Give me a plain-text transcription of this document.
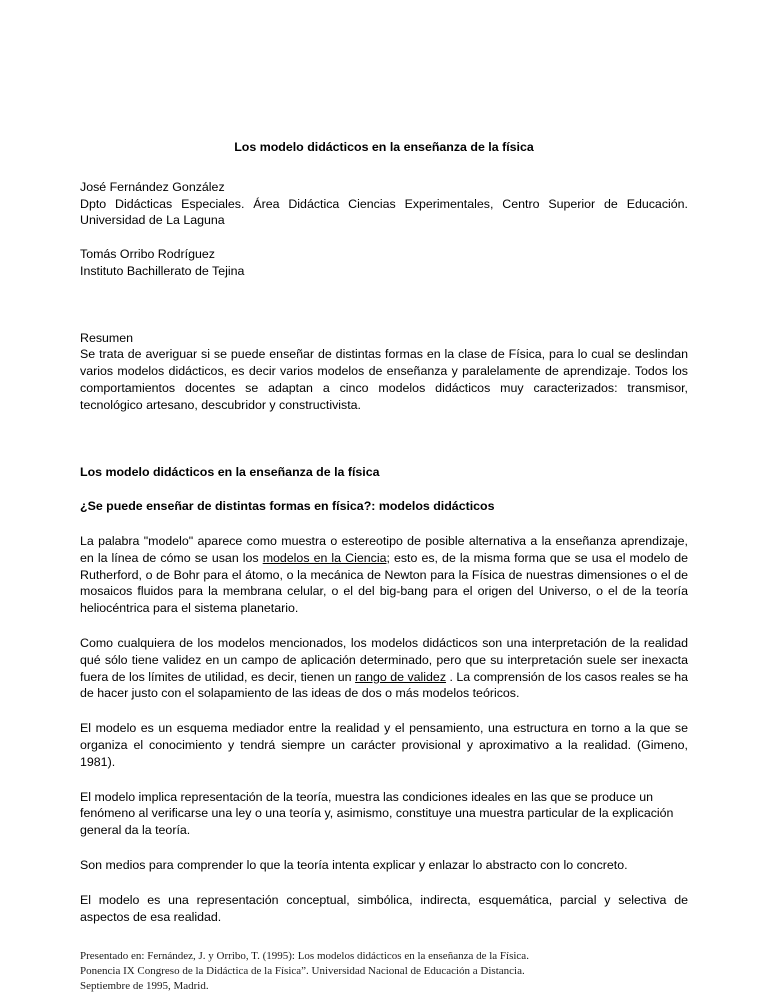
Los modelo didácticos en la enseñanza de la física
José Fernández González
Dpto Didácticas Especiales. Área Didáctica Ciencias Experimentales, Centro Superior de Educación. Universidad de La Laguna
Tomás Orribo Rodríguez
Instituto Bachillerato de Tejina
Resumen
Se trata de averiguar si se puede enseñar de distintas formas en la clase de Física, para lo cual se deslindan varios modelos didácticos, es decir varios modelos de enseñanza y paralelamente de aprendizaje. Todos los comportamientos docentes se adaptan a cinco modelos didácticos muy caracterizados: transmisor, tecnológico artesano, descubridor y constructivista.
Los modelo didácticos en la enseñanza de la física
¿Se puede enseñar de distintas formas en física?: modelos didácticos

La palabra "modelo" aparece como muestra o estereotipo de posible alternativa a la enseñanza aprendizaje, en la línea de cómo se usan los modelos en la Ciencia; esto es, de la misma forma que se usa el modelo de Rutherford, o de Bohr para el átomo, o la mecánica de Newton para la Física de nuestras dimensiones o el de mosaicos fluidos para la membrana celular, o el del big-bang para el origen del Universo, o el de la teoría heliocéntrica para el sistema planetario.

Como cualquiera de los modelos mencionados, los modelos didácticos son una interpretación de la realidad qué sólo tiene validez en un campo de aplicación determinado, pero que su interpretación suele ser inexacta fuera de los límites de utilidad, es decir, tienen un rango de validez . La comprensión de los casos reales se ha de hacer justo con el solapamiento de las ideas de dos o más modelos teóricos.

El modelo es un esquema mediador entre la realidad y el pensamiento, una estructura en torno a la que se organiza el conocimiento y tendrá siempre un carácter provisional y aproximativo a la realidad. (Gimeno, 1981).

El modelo implica representación de la teoría, muestra las condiciones ideales en las que se produce un fenómeno al verificarse una ley o una teoría y, asimismo, constituye una muestra particular de la explicación general da la teoría.

Son medios para comprender lo que la teoría intenta explicar y enlazar lo abstracto con lo concreto.

El modelo es una representación conceptual, simbólica, indirecta, esquemática, parcial y selectiva de aspectos de esa realidad.

Presentado en: Fernández, J. y Orribo, T. (1995): Los modelos didácticos en la enseñanza de la Física.
Ponencia IX Congreso de la Didáctica de la Física”. Universidad Nacional de Educación a Distancia.
Septiembre de 1995, Madrid.
